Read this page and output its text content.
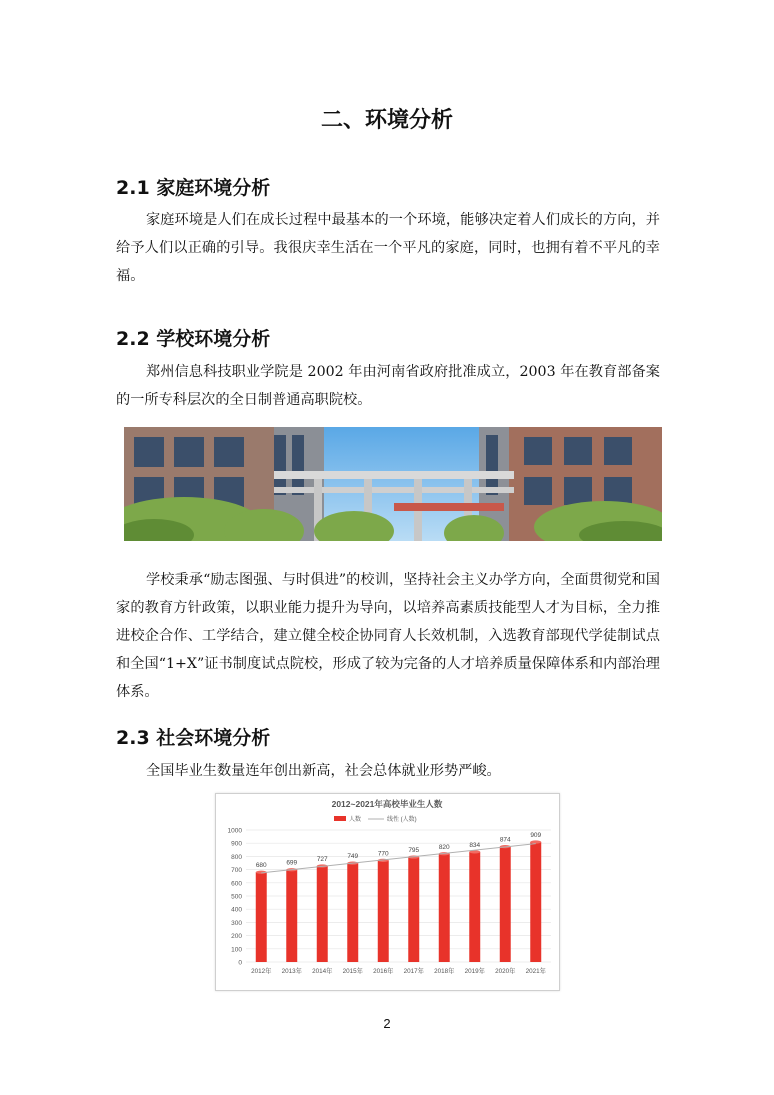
二、环境分析
2.1 家庭环境分析
家庭环境是人们在成长过程中最基本的一个环境，能够决定着人们成长的方向，并给予人们以正确的引导。我很庆幸生活在一个平凡的家庭，同时，也拥有着不平凡的幸福。
2.2 学校环境分析
郑州信息科技职业学院是 2002 年由河南省政府批准成立，2003 年在教育部备案的一所专科层次的全日制普通高职院校。
学校秉承“励志图强、与时俱进”的校训，坚持社会主义办学方向，全面贯彻党和国家的教育方针政策，以职业能力提升为导向，以培养高素质技能型人才为目标，全力推进校企合作、工学结合，建立健全校企协同育人长效机制，入选教育部现代学徒制试点和全国“1+X”证书制度试点院校，形成了较为完备的人才培养质量保障体系和内部治理体系。
2.3 社会环境分析
全国毕业生数量连年创出新高，社会总体就业形势严峻。
2012~2021年高校毕业生人数
人数	线性 (人数)
0
100
200
300
400
500
600
700
800
900
1000
680
2012年
699
2013年
727
2014年
749
2015年
770
2016年
795
2017年
820
2018年
834
2019年
874
2020年
909
2021年
2
